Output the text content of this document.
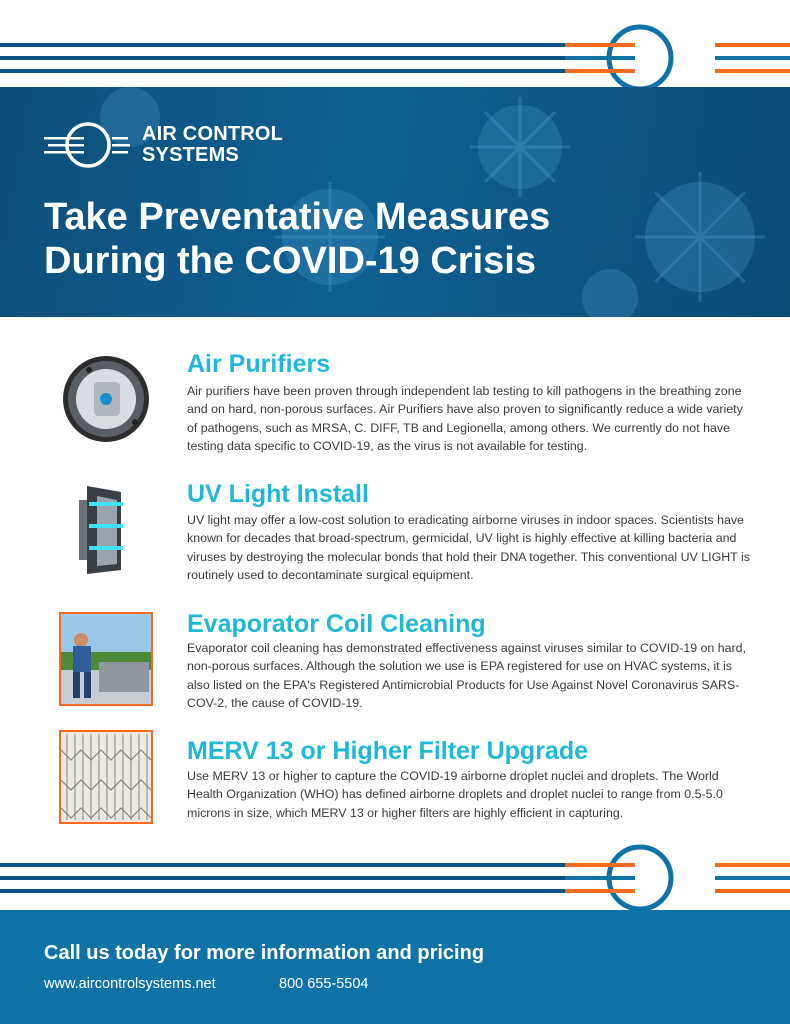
AIR CONTROL
SYSTEMS
Take Preventative Measures
During the COVID-19 Crisis
Air Purifiers

Air purifiers have been proven through independent lab testing to kill pathogens in the breathing zone and on hard, non-porous surfaces. Air Purifiers have also proven to significantly reduce a wide variety of pathogens, such as MRSA, C. DIFF, TB and Legionella, among others. We currently do not have testing data specific to COVID-19, as the virus is not available for testing.

UV Light Install

UV light may offer a low-cost solution to eradicating airborne viruses in indoor spaces. Scientists have known for decades that broad-spectrum, germicidal, UV light is highly effective at killing bacteria and viruses by destroying the molecular bonds that hold their DNA together. This conventional UV LIGHT is routinely used to decontaminate surgical equipment.

Evaporator Coil Cleaning

Evaporator coil cleaning has demonstrated effectiveness against viruses similar to COVID-19 on hard, non-porous surfaces. Although the solution we use is EPA registered for use on HVAC systems, it is also listed on the EPA's Registered Antimicrobial Products for Use Against Novel Coronavirus SARS-COV-2, the cause of COVID-19.

MERV 13 or Higher Filter Upgrade

Use MERV 13 or higher to capture the COVID-19 airborne droplet nuclei and droplets. The World Health Organization (WHO) has defined airborne droplets and droplet nuclei to range from 0.5-5.0 microns in size, which MERV 13 or higher filters are highly efficient in capturing.

Call us today for more information and pricing

www.aircontrolsystems.net	800 655-5504
